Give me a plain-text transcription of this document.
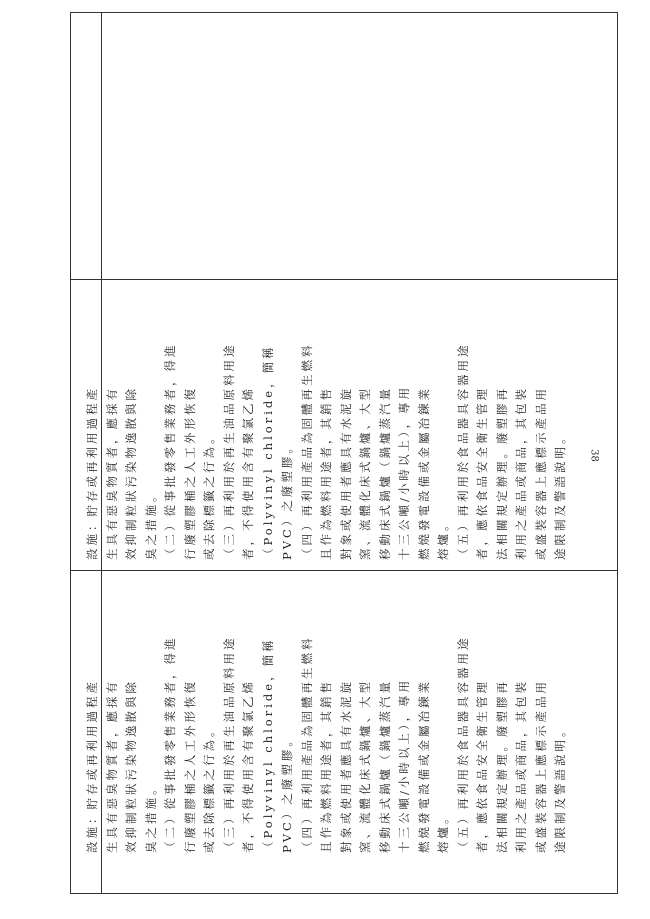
設施：貯存或再利用過程產 生具有惡臭物質者，應採有 效抑制粒狀污染物逸散與除 臭之措施。 （二）從事批發零售業務者，得進 行廢塑膠桶之人工外形恢復 或去除標籤之行為。 （三）再利用於再生油品原料用途 者，不得使用含有聚氯乙烯 （Polyvinyl chloride，簡稱 PVC）之廢塑膠。 （四）再利用產品為固體再生燃料 且作為燃料用途者，其銷售 對象或使用者應具有水泥旋 窯、流體化床式鍋爐、大型 移動床式鍋爐（鍋爐蒸汽量 十三公噸/小時以上），專用 燃燒發電設備或金屬冶鍊業 熔爐。 （五）再利用於食品器具容器用途 者，應依食品安全衛生管理 法相關規定辦理。廢塑膠再 利用之產品或商品，其包裝 或盛裝容器上應標示產品用 途限制及警語說明。
設施：貯存或再利用過程產 生具有惡臭物質者，應採有 效抑制粒狀污染物逸散與除 臭之措施。 （二）從事批發零售業務者，得進 行廢塑膠桶之人工外形恢復 或去除標籤之行為。 （三）再利用於再生油品原料用途 者，不得使用含有聚氯乙烯 （Polyvinyl chloride，簡稱 PVC）之廢塑膠。 （四）再利用產品為固體再生燃料 且作為燃料用途者，其銷售 對象或使用者應具有水泥旋 窯、流體化床式鍋爐、大型 移動床式鍋爐（鍋爐蒸汽量 十三公噸/小時以上），專用 燃燒發電設備或金屬冶鍊業 熔爐。 （五）再利用於食品器具容器用途 者，應依食品安全衛生管理 法相關規定辦理。廢塑膠再 利用之產品或商品，其包裝 或盛裝容器上應標示產品用 途限制及警語說明。
38
